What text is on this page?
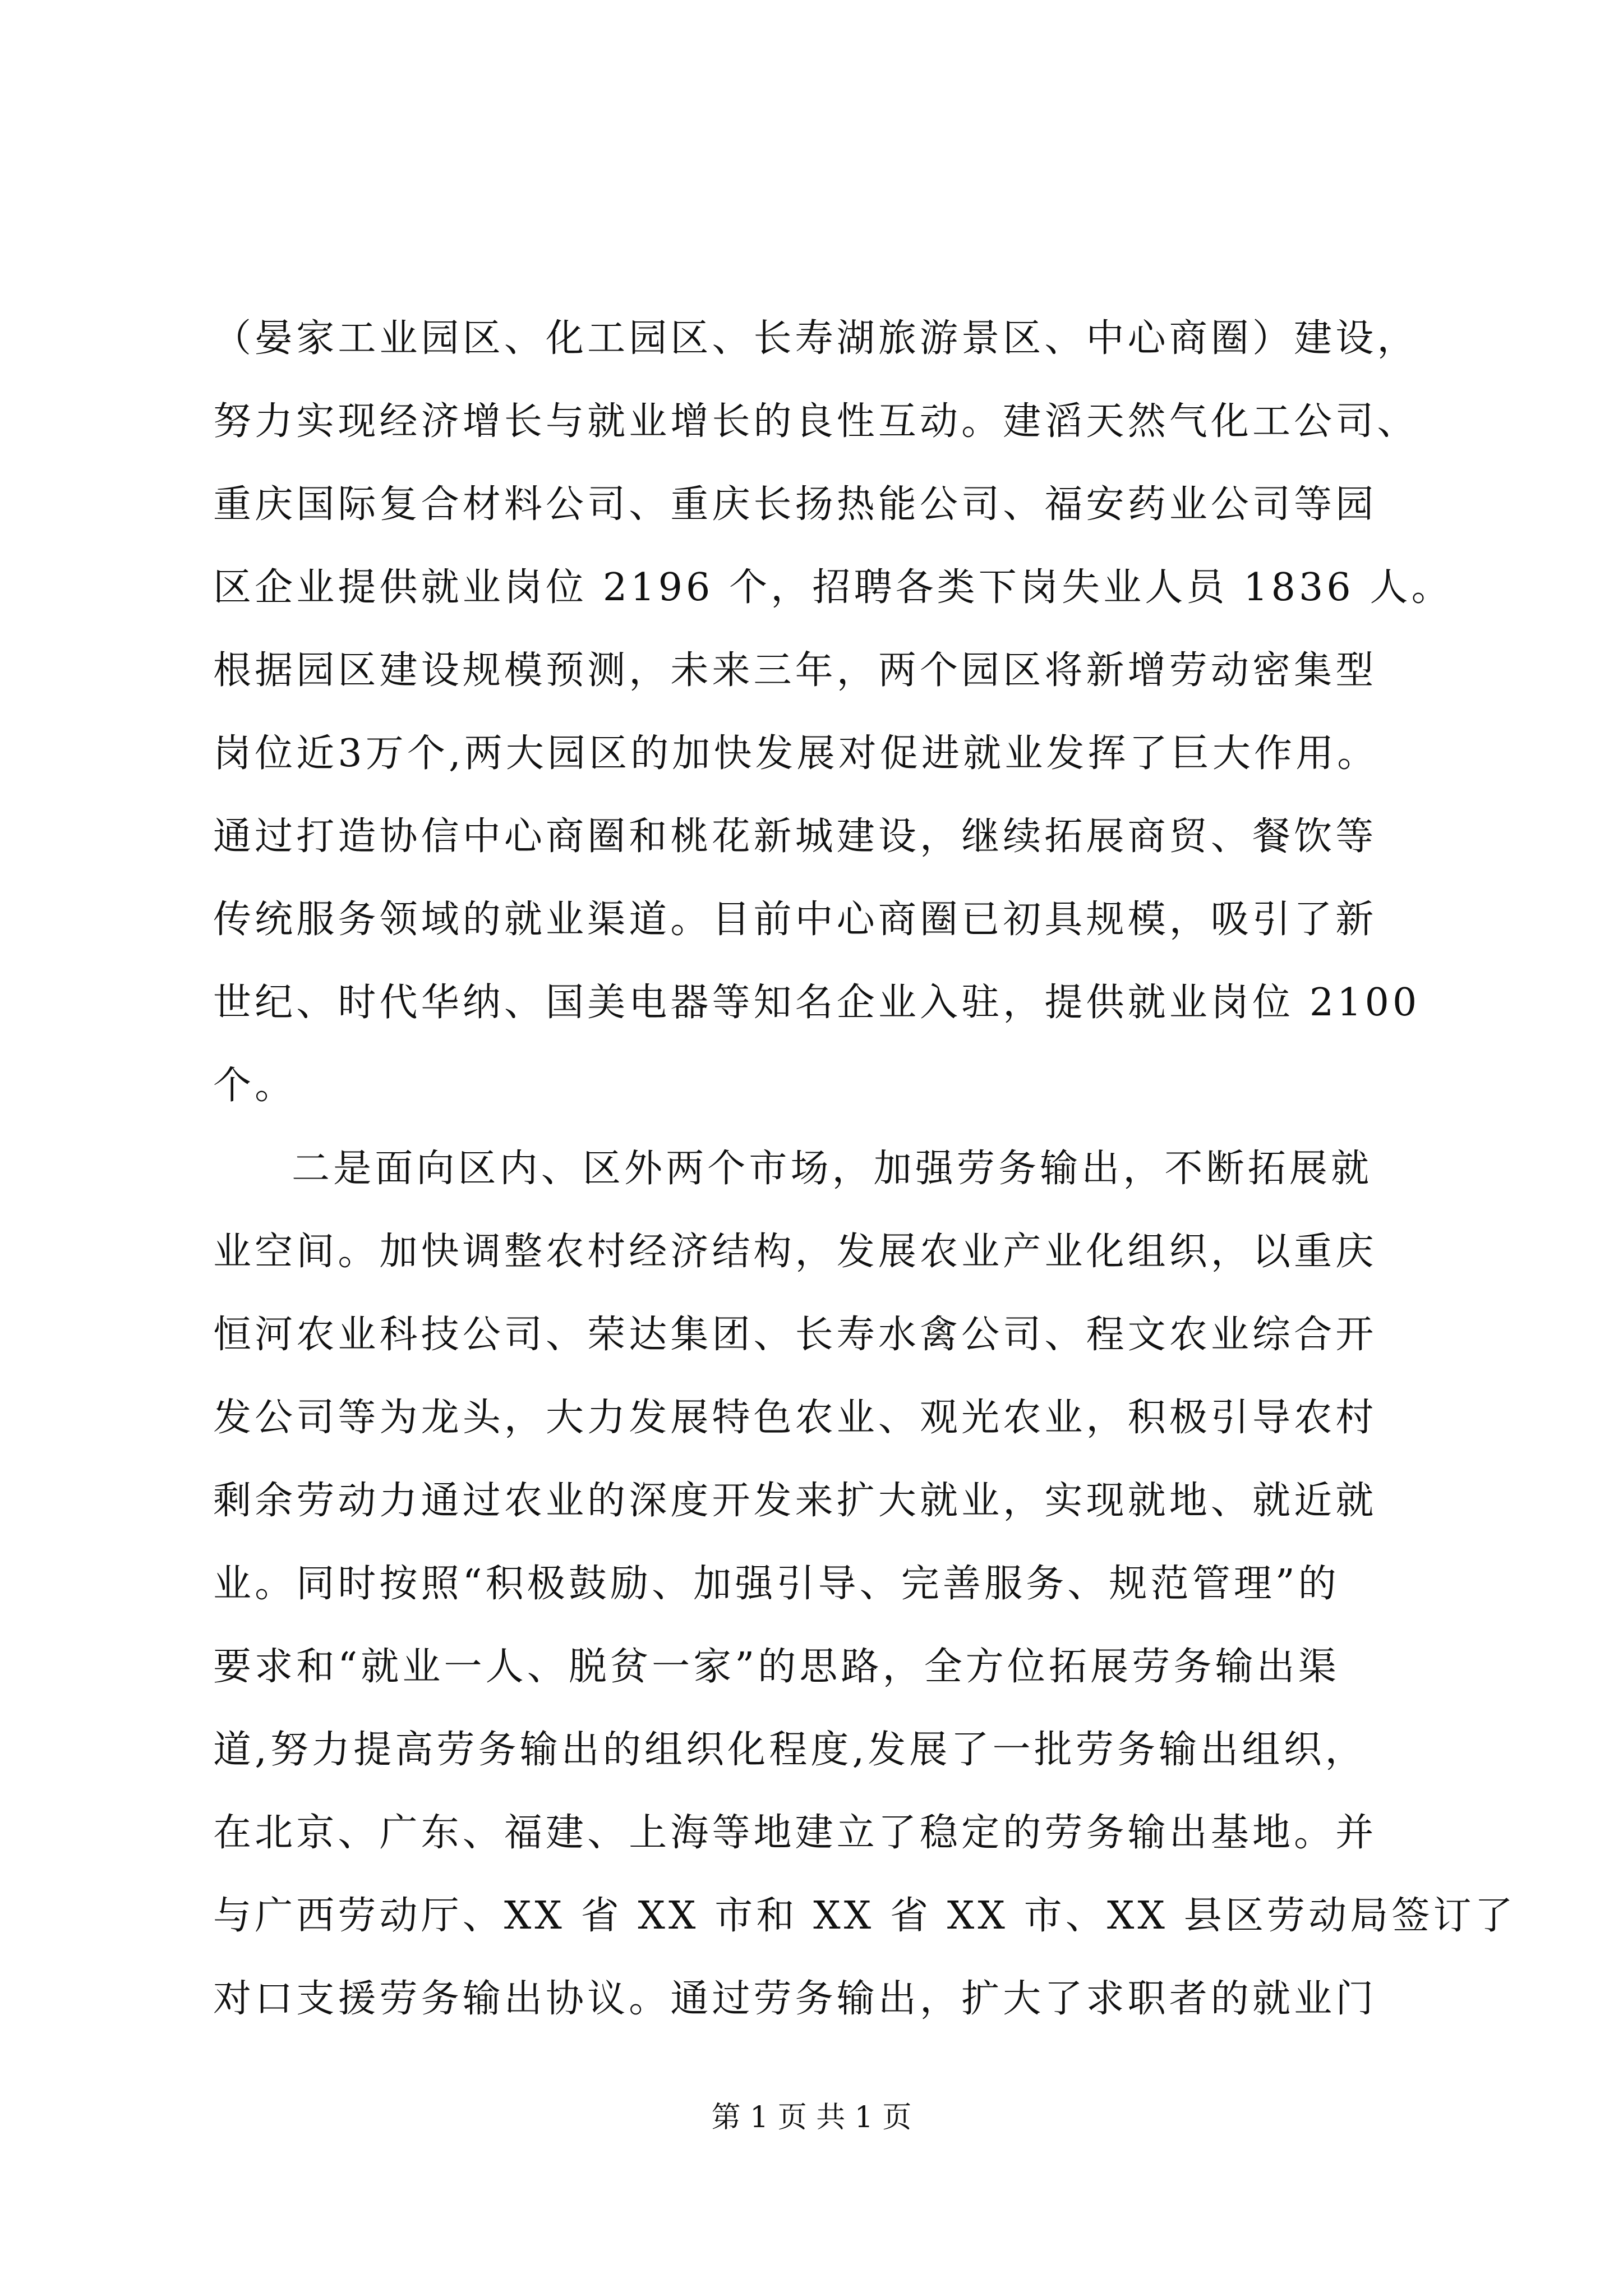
（晏家工业园区、化工园区、长寿湖旅游景区、中心商圈）建设，
努力实现经济增长与就业增长的良性互动。建滔天然气化工公司、
重庆国际复合材料公司、重庆长扬热能公司、福安药业公司等园
区企业提供就业岗位 2196 个，招聘各类下岗失业人员 1836 人。
根据园区建设规模预测，未来三年，两个园区将新增劳动密集型
岗位近3万个,两大园区的加快发展对促进就业发挥了巨大作用。
通过打造协信中心商圈和桃花新城建设，继续拓展商贸、餐饮等
传统服务领域的就业渠道。目前中心商圈已初具规模，吸引了新
世纪、时代华纳、国美电器等知名企业入驻，提供就业岗位 2100
个。
二是面向区内、区外两个市场，加强劳务输出，不断拓展就
业空间。加快调整农村经济结构，发展农业产业化组织，以重庆
恒河农业科技公司、荣达集团、长寿水禽公司、程文农业综合开
发公司等为龙头，大力发展特色农业、观光农业，积极引导农村
剩余劳动力通过农业的深度开发来扩大就业，实现就地、就近就
业。同时按照“积极鼓励、加强引导、完善服务、规范管理”的
要求和“就业一人、脱贫一家”的思路，全方位拓展劳务输出渠
道,努力提高劳务输出的组织化程度,发展了一批劳务输出组织，
在北京、广东、福建、上海等地建立了稳定的劳务输出基地。并
与广西劳动厅、XX 省 XX 市和 XX 省 XX 市、XX 县区劳动局签订了
对口支援劳务输出协议。通过劳务输出，扩大了求职者的就业门
第 1 页 共 1 页
